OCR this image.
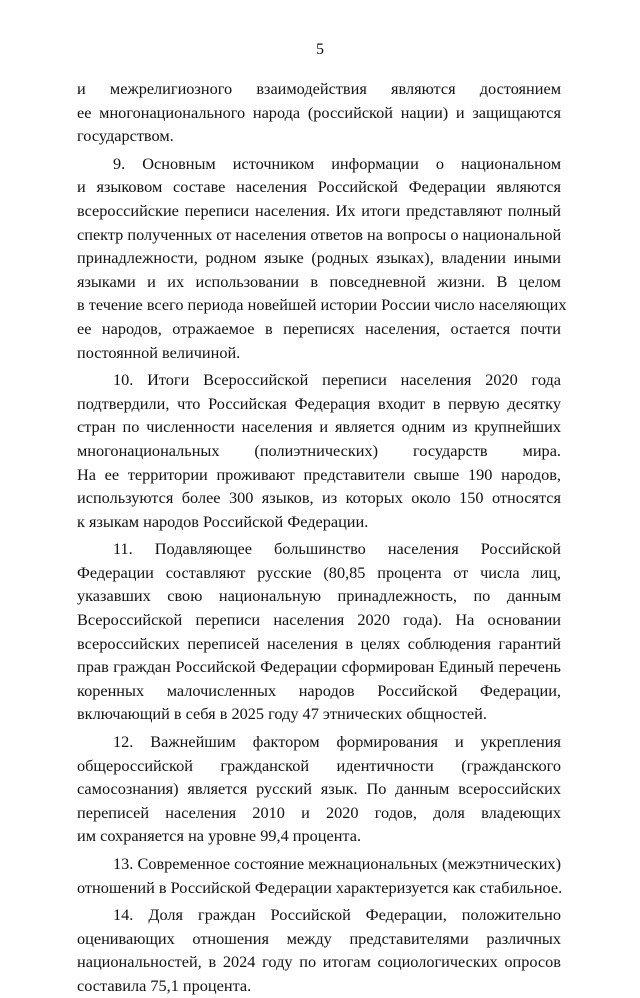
5
и межрелигиозного взаимодействия являются достоянием
ее многонационального народа (российской нации) и защищаются
государством.
9. Основным источником информации о национальном
и языковом составе населения Российской Федерации являются
всероссийские переписи населения. Их итоги представляют полный
спектр полученных от населения ответов на вопросы о национальной
принадлежности, родном языке (родных языках), владении иными
языками и их использовании в повседневной жизни. В целом
в течение всего периода новейшей истории России число населяющих
ее народов, отражаемое в переписях населения, остается почти
постоянной величиной.
10. Итоги Всероссийской переписи населения 2020 года
подтвердили, что Российская Федерация входит в первую десятку
стран по численности населения и является одним из крупнейших
многонациональных (полиэтнических) государств мира.
На ее территории проживают представители свыше 190 народов,
используются более 300 языков, из которых около 150 относятся
к языкам народов Российской Федерации.
11. Подавляющее большинство населения Российской
Федерации составляют русские (80,85 процента от числа лиц,
указавших свою национальную принадлежность, по данным
Всероссийской переписи населения 2020 года). На основании
всероссийских переписей населения в целях соблюдения гарантий
прав граждан Российской Федерации сформирован Единый перечень
коренных малочисленных народов Российской Федерации,
включающий в себя в 2025 году 47 этнических общностей.
12. Важнейшим фактором формирования и укрепления
общероссийской гражданской идентичности (гражданского
самосознания) является русский язык. По данным всероссийских
переписей населения 2010 и 2020 годов, доля владеющих
им сохраняется на уровне 99,4 процента.
13. Современное состояние межнациональных (межэтнических)
отношений в Российской Федерации характеризуется как стабильное.
14. Доля граждан Российской Федерации, положительно
оценивающих отношения между представителями различных
национальностей, в 2024 году по итогам социологических опросов
составила 75,1 процента.
